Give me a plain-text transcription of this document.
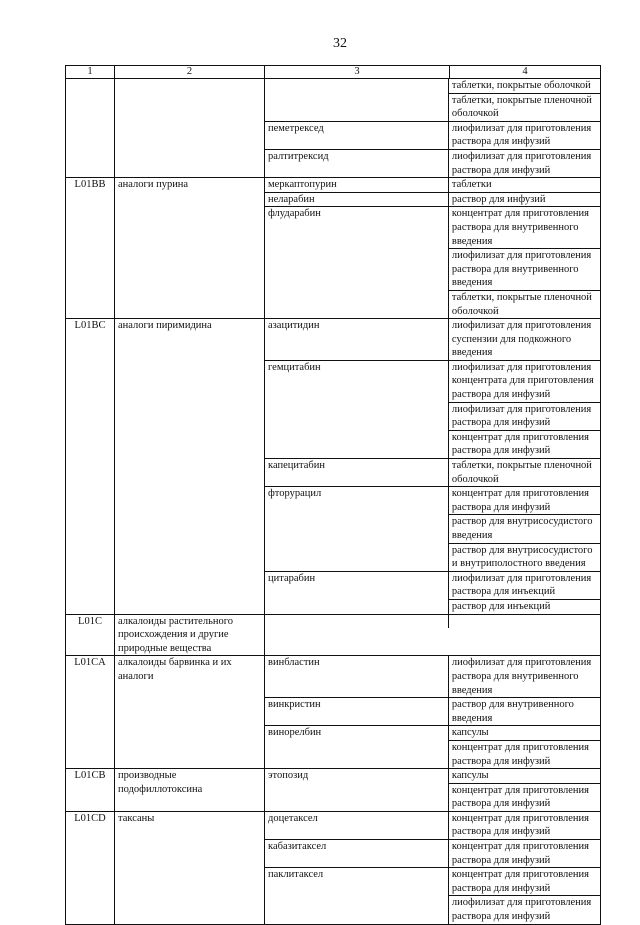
32
1	2	3	4
таблетки, покрытые оболочкой
таблетки, покрытые пленочной оболочкой
пеметрексед	лиофилизат для приготовления раствора для инфузий
ралтитрексид	лиофилизат для приготовления раствора для инфузий
L01BB	аналоги пурина	меркаптопурин	таблетки
неларабин	раствор для инфузий
флударабин	концентрат для приготовления раствора для внутривенного введения
лиофилизат для приготовления раствора для внутривенного введения
таблетки, покрытые пленочной оболочкой
L01BC	аналоги пиримидина	азацитидин	лиофилизат для приготовления суспензии для подкожного введения
гемцитабин	лиофилизат для приготовления концентрата для приготовления раствора для инфузий
лиофилизат для приготовления раствора для инфузий
концентрат для приготовления раствора для инфузий
капецитабин	таблетки, покрытые пленочной оболочкой
фторурацил	концентрат для приготовления раствора для инфузий
раствор для внутрисосудистого введения
раствор для внутрисосудистого и внутриполостного введения
цитарабин	лиофилизат для приготовления раствора для инъекций
раствор для инъекций
L01C	алкалоиды растительного происхождения и другие природные вещества
L01CA	алкалоиды барвинка и их аналоги
винбластин	лиофилизат для приготовления раствора для внутривенного введения
винкристин	раствор для внутривенного введения
винорелбин	капсулы
концентрат для приготовления раствора для инфузий
L01CB	производные подофиллотоксина
этопозид	капсулы
концентрат для приготовления раствора для инфузий
L01CD	таксаны	доцетаксел	концентрат для приготовления раствора для инфузий
кабазитаксел	концентрат для приготовления раствора для инфузий
паклитаксел	концентрат для приготовления раствора для инфузий
лиофилизат для приготовления раствора для инфузий
